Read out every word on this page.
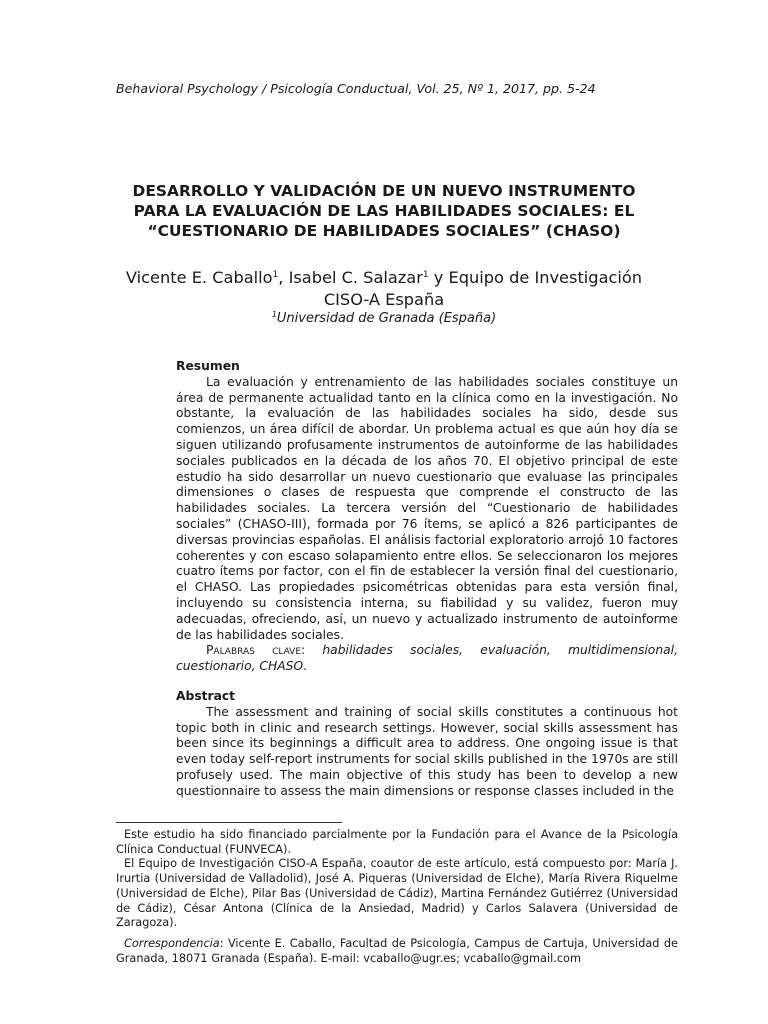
Behavioral Psychology / Psicología Conductual, Vol. 25, Nº 1, 2017, pp. 5-24
DESARROLLO Y VALIDACIÓN DE UN NUEVO INSTRUMENTO
PARA LA EVALUACIÓN DE LAS HABILIDADES SOCIALES: EL
“CUESTIONARIO DE HABILIDADES SOCIALES” (CHASO)
Vicente E. Caballo$^1$, Isabel C. Salazar$^1$ y Equipo de Investigación
CISO-A España
$^1$Universidad de Granada (España)
Resumen

La evaluación y entrenamiento de las habilidades sociales constituye un área de permanente actualidad tanto en la clínica como en la investigación. No obstante, la evaluación de las habilidades sociales ha sido, desde sus comienzos, un área difícil de abordar. Un problema actual es que aún hoy día se siguen utilizando profusamente instrumentos de autoinforme de las habilidades sociales publicados en la década de los años 70. El objetivo principal de este estudio ha sido desarrollar un nuevo cuestionario que evaluase las principales dimensiones o clases de respuesta que comprende el constructo de las habilidades sociales. La tercera versión del “Cuestionario de habilidades sociales” (CHASO-III), formada por 76 ítems, se aplicó a 826 participantes de diversas provincias españolas. El análisis factorial exploratorio arrojó 10 factores coherentes y con escaso solapamiento entre ellos. Se seleccionaron los mejores cuatro ítems por factor, con el fin de establecer la versión final del cuestionario, el CHASO. Las propiedades psicométricas obtenidas para esta versión final, incluyendo su consistencia interna, su fiabilidad y su validez, fueron muy adecuadas, ofreciendo, así, un nuevo y actualizado instrumento de autoinforme de las habilidades sociales.

Palabras clave: habilidades sociales, evaluación, multidimensional, cuestionario, CHASO.

Abstract

The assessment and training of social skills constitutes a continuous hot topic both in clinic and research settings. However, social skills assessment has been since its beginnings a difficult area to address. One ongoing issue is that even today self-report instruments for social skills published in the 1970s are still profusely used. The main objective of this study has been to develop a new questionnaire to assess the main dimensions or response classes included in the

Este estudio ha sido financiado parcialmente por la Fundación para el Avance de la Psicología Clínica Conductual (FUNVECA).

El Equipo de Investigación CISO-A España, coautor de este artículo, está compuesto por: María J. Irurtia (Universidad de Valladolid), José A. Piqueras (Universidad de Elche), María Rivera Riquelme (Universidad de Elche), Pilar Bas (Universidad de Cádiz), Martina Fernández Gutiérrez (Universidad de Cádiz), César Antona (Clínica de la Ansiedad, Madrid) y Carlos Salavera (Universidad de Zaragoza).

Correspondencia: Vicente E. Caballo, Facultad de Psicología, Campus de Cartuja, Universidad de Granada, 18071 Granada (España). E-mail: vcaballo@ugr.es; vcaballo@gmail.com
